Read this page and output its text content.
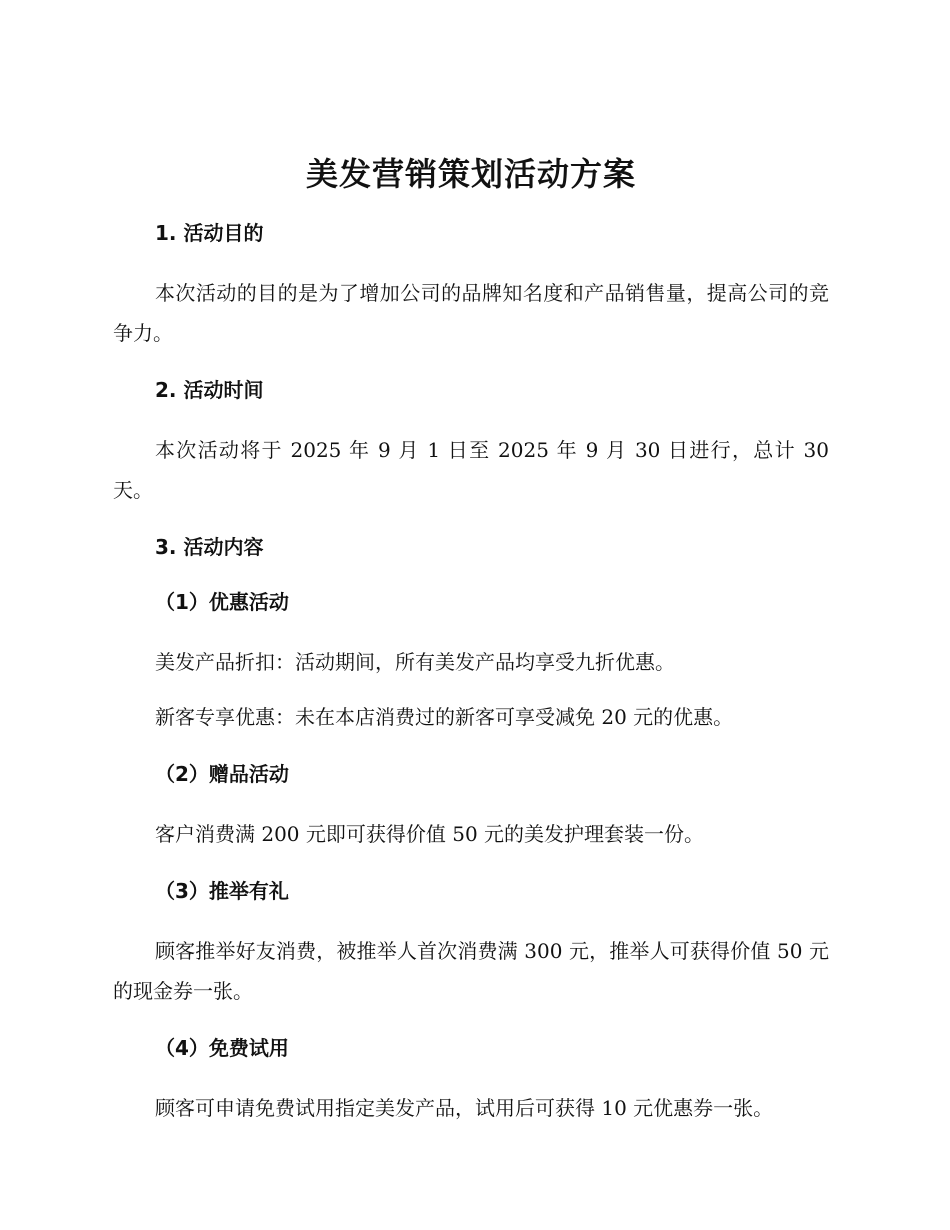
美发营销策划活动方案
1. 活动目的

本次活动的目的是为了增加公司的品牌知名度和产品销售量，提高公司的竞争力。

2. 活动时间

本次活动将于 2025 年 9 月 1 日至 2025 年 9 月 30 日进行，总计 30 天。

3. 活动内容
（1）优惠活动

美发产品折扣：活动期间，所有美发产品均享受九折优惠。

新客专享优惠：未在本店消费过的新客可享受减免 20 元的优惠。

（2）赠品活动

客户消费满 200 元即可获得价值 50 元的美发护理套装一份。

（3）推举有礼

顾客推举好友消费，被推举人首次消费满 300 元，推举人可获得价值 50 元的现金券一张。

（4）免费试用

顾客可申请免费试用指定美发产品，试用后可获得 10 元优惠券一张。
